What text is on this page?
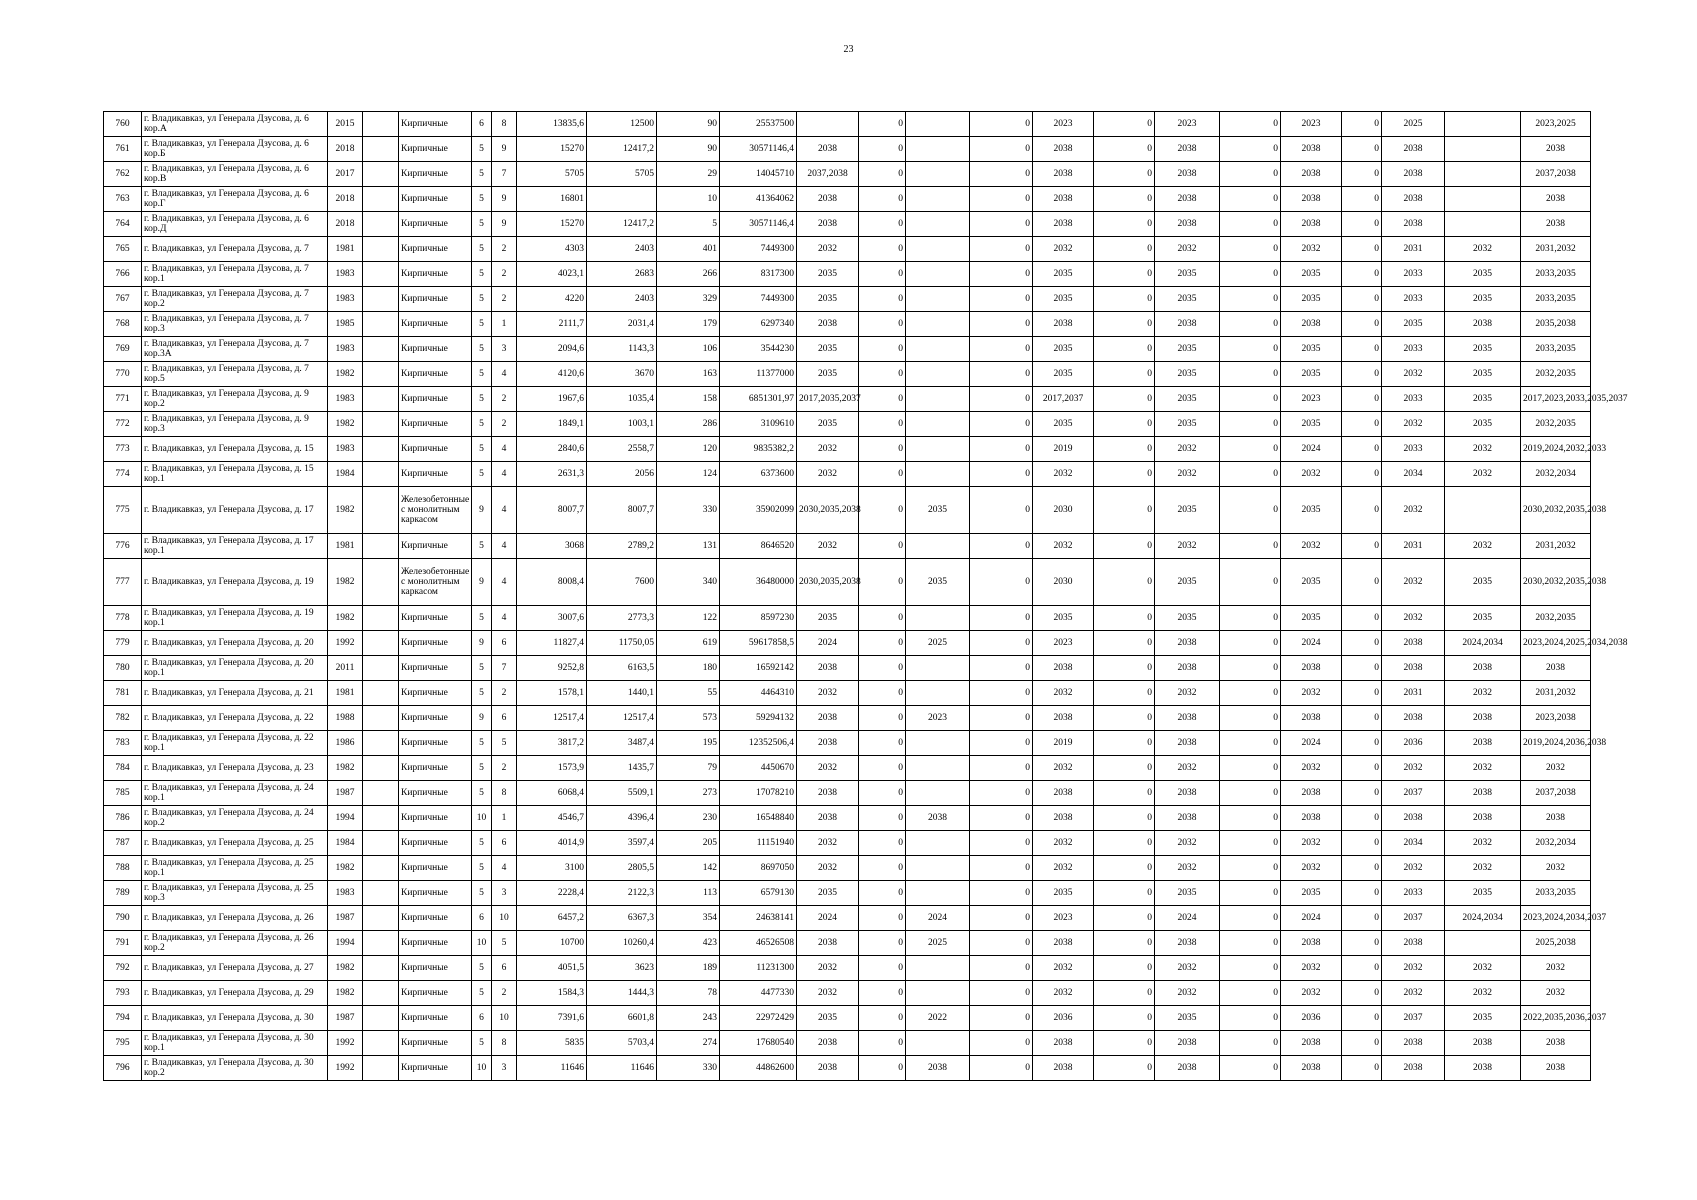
23
760	г. Владикавказ, ул Генерала Дзусова, д. 6 кор.А	2015		Кирпичные	6	8	13835,6	12500	90	25537500		0		0	2023	0	2023	0	2023	0	2025		2023,2025
761	г. Владикавказ, ул Генерала Дзусова, д. 6 кор.Б	2018		Кирпичные	5	9	15270	12417,2	90	30571146,4	2038	0		0	2038	0	2038	0	2038	0	2038		2038
762	г. Владикавказ, ул Генерала Дзусова, д. 6 кор.В	2017		Кирпичные	5	7	5705	5705	29	14045710	2037,2038	0		0	2038	0	2038	0	2038	0	2038		2037,2038
763	г. Владикавказ, ул Генерала Дзусова, д. 6 кор.Г	2018		Кирпичные	5	9	16801		10	41364062	2038	0		0	2038	0	2038	0	2038	0	2038		2038
764	г. Владикавказ, ул Генерала Дзусова, д. 6 кор.Д	2018		Кирпичные	5	9	15270	12417,2	5	30571146,4	2038	0		0	2038	0	2038	0	2038	0	2038		2038
765	г. Владикавказ, ул Генерала Дзусова, д. 7	1981		Кирпичные	5	2	4303	2403	401	7449300	2032	0		0	2032	0	2032	0	2032	0	2031	2032	2031,2032
766	г. Владикавказ, ул Генерала Дзусова, д. 7 кор.1	1983		Кирпичные	5	2	4023,1	2683	266	8317300	2035	0		0	2035	0	2035	0	2035	0	2033	2035	2033,2035
767	г. Владикавказ, ул Генерала Дзусова, д. 7 кор.2	1983		Кирпичные	5	2	4220	2403	329	7449300	2035	0		0	2035	0	2035	0	2035	0	2033	2035	2033,2035
768	г. Владикавказ, ул Генерала Дзусова, д. 7 кор.3	1985		Кирпичные	5	1	2111,7	2031,4	179	6297340	2038	0		0	2038	0	2038	0	2038	0	2035	2038	2035,2038
769	г. Владикавказ, ул Генерала Дзусова, д. 7 кор.3А	1983		Кирпичные	5	3	2094,6	1143,3	106	3544230	2035	0		0	2035	0	2035	0	2035	0	2033	2035	2033,2035
770	г. Владикавказ, ул Генерала Дзусова, д. 7 кор.5	1982		Кирпичные	5	4	4120,6	3670	163	11377000	2035	0		0	2035	0	2035	0	2035	0	2032	2035	2032,2035
771	г. Владикавказ, ул Генерала Дзусова, д. 9 кор.2	1983		Кирпичные	5	2	1967,6	1035,4	158	6851301,97	2017,2035,2037	0		0	2017,2037	0	2035	0	2023	0	2033	2035	2017,2023,2033,2035,2037
772	г. Владикавказ, ул Генерала Дзусова, д. 9 кор.3	1982		Кирпичные	5	2	1849,1	1003,1	286	3109610	2035	0		0	2035	0	2035	0	2035	0	2032	2035	2032,2035
773	г. Владикавказ, ул Генерала Дзусова, д. 15	1983		Кирпичные	5	4	2840,6	2558,7	120	9835382,2	2032	0		0	2019	0	2032	0	2024	0	2033	2032	2019,2024,2032,2033
774	г. Владикавказ, ул Генерала Дзусова, д. 15 кор.1	1984		Кирпичные	5	4	2631,3	2056	124	6373600	2032	0		0	2032	0	2032	0	2032	0	2034	2032	2032,2034
775	г. Владикавказ, ул Генерала Дзусова, д. 17	1982		Железобетонные с монолитным каркасом	9	4	8007,7	8007,7	330	35902099	2030,2035,2038	0	2035	0	2030	0	2035	0	2035	0	2032		2030,2032,2035,2038
776	г. Владикавказ, ул Генерала Дзусова, д. 17 кор.1	1981		Кирпичные	5	4	3068	2789,2	131	8646520	2032	0		0	2032	0	2032	0	2032	0	2031	2032	2031,2032
777	г. Владикавказ, ул Генерала Дзусова, д. 19	1982		Железобетонные с монолитным каркасом	9	4	8008,4	7600	340	36480000	2030,2035,2038	0	2035	0	2030	0	2035	0	2035	0	2032	2035	2030,2032,2035,2038
778	г. Владикавказ, ул Генерала Дзусова, д. 19 кор.1	1982		Кирпичные	5	4	3007,6	2773,3	122	8597230	2035	0		0	2035	0	2035	0	2035	0	2032	2035	2032,2035
779	г. Владикавказ, ул Генерала Дзусова, д. 20	1992		Кирпичные	9	6	11827,4	11750,05	619	59617858,5	2024	0	2025	0	2023	0	2038	0	2024	0	2038	2024,2034	2023,2024,2025,2034,2038
780	г. Владикавказ, ул Генерала Дзусова, д. 20 кор.1	2011		Кирпичные	5	7	9252,8	6163,5	180	16592142	2038	0		0	2038	0	2038	0	2038	0	2038	2038	2038
781	г. Владикавказ, ул Генерала Дзусова, д. 21	1981		Кирпичные	5	2	1578,1	1440,1	55	4464310	2032	0		0	2032	0	2032	0	2032	0	2031	2032	2031,2032
782	г. Владикавказ, ул Генерала Дзусова, д. 22	1988		Кирпичные	9	6	12517,4	12517,4	573	59294132	2038	0	2023	0	2038	0	2038	0	2038	0	2038	2038	2023,2038
783	г. Владикавказ, ул Генерала Дзусова, д. 22 кор.1	1986		Кирпичные	5	5	3817,2	3487,4	195	12352506,4	2038	0		0	2019	0	2038	0	2024	0	2036	2038	2019,2024,2036,2038
784	г. Владикавказ, ул Генерала Дзусова, д. 23	1982		Кирпичные	5	2	1573,9	1435,7	79	4450670	2032	0		0	2032	0	2032	0	2032	0	2032	2032	2032
785	г. Владикавказ, ул Генерала Дзусова, д. 24 кор.1	1987		Кирпичные	5	8	6068,4	5509,1	273	17078210	2038	0		0	2038	0	2038	0	2038	0	2037	2038	2037,2038
786	г. Владикавказ, ул Генерала Дзусова, д. 24 кор.2	1994		Кирпичные	10	1	4546,7	4396,4	230	16548840	2038	0	2038	0	2038	0	2038	0	2038	0	2038	2038	2038
787	г. Владикавказ, ул Генерала Дзусова, д. 25	1984		Кирпичные	5	6	4014,9	3597,4	205	11151940	2032	0		0	2032	0	2032	0	2032	0	2034	2032	2032,2034
788	г. Владикавказ, ул Генерала Дзусова, д. 25 кор.1	1982		Кирпичные	5	4	3100	2805,5	142	8697050	2032	0		0	2032	0	2032	0	2032	0	2032	2032	2032
789	г. Владикавказ, ул Генерала Дзусова, д. 25 кор.3	1983		Кирпичные	5	3	2228,4	2122,3	113	6579130	2035	0		0	2035	0	2035	0	2035	0	2033	2035	2033,2035
790	г. Владикавказ, ул Генерала Дзусова, д. 26	1987		Кирпичные	6	10	6457,2	6367,3	354	24638141	2024	0	2024	0	2023	0	2024	0	2024	0	2037	2024,2034	2023,2024,2034,2037
791	г. Владикавказ, ул Генерала Дзусова, д. 26 кор.2	1994		Кирпичные	10	5	10700	10260,4	423	46526508	2038	0	2025	0	2038	0	2038	0	2038	0	2038		2025,2038
792	г. Владикавказ, ул Генерала Дзусова, д. 27	1982		Кирпичные	5	6	4051,5	3623	189	11231300	2032	0		0	2032	0	2032	0	2032	0	2032	2032	2032
793	г. Владикавказ, ул Генерала Дзусова, д. 29	1982		Кирпичные	5	2	1584,3	1444,3	78	4477330	2032	0		0	2032	0	2032	0	2032	0	2032	2032	2032
794	г. Владикавказ, ул Генерала Дзусова, д. 30	1987		Кирпичные	6	10	7391,6	6601,8	243	22972429	2035	0	2022	0	2036	0	2035	0	2036	0	2037	2035	2022,2035,2036,2037
795	г. Владикавказ, ул Генерала Дзусова, д. 30 кор.1	1992		Кирпичные	5	8	5835	5703,4	274	17680540	2038	0		0	2038	0	2038	0	2038	0	2038	2038	2038
796	г. Владикавказ, ул Генерала Дзусова, д. 30 кор.2	1992		Кирпичные	10	3	11646	11646	330	44862600	2038	0	2038	0	2038	0	2038	0	2038	0	2038	2038	2038
